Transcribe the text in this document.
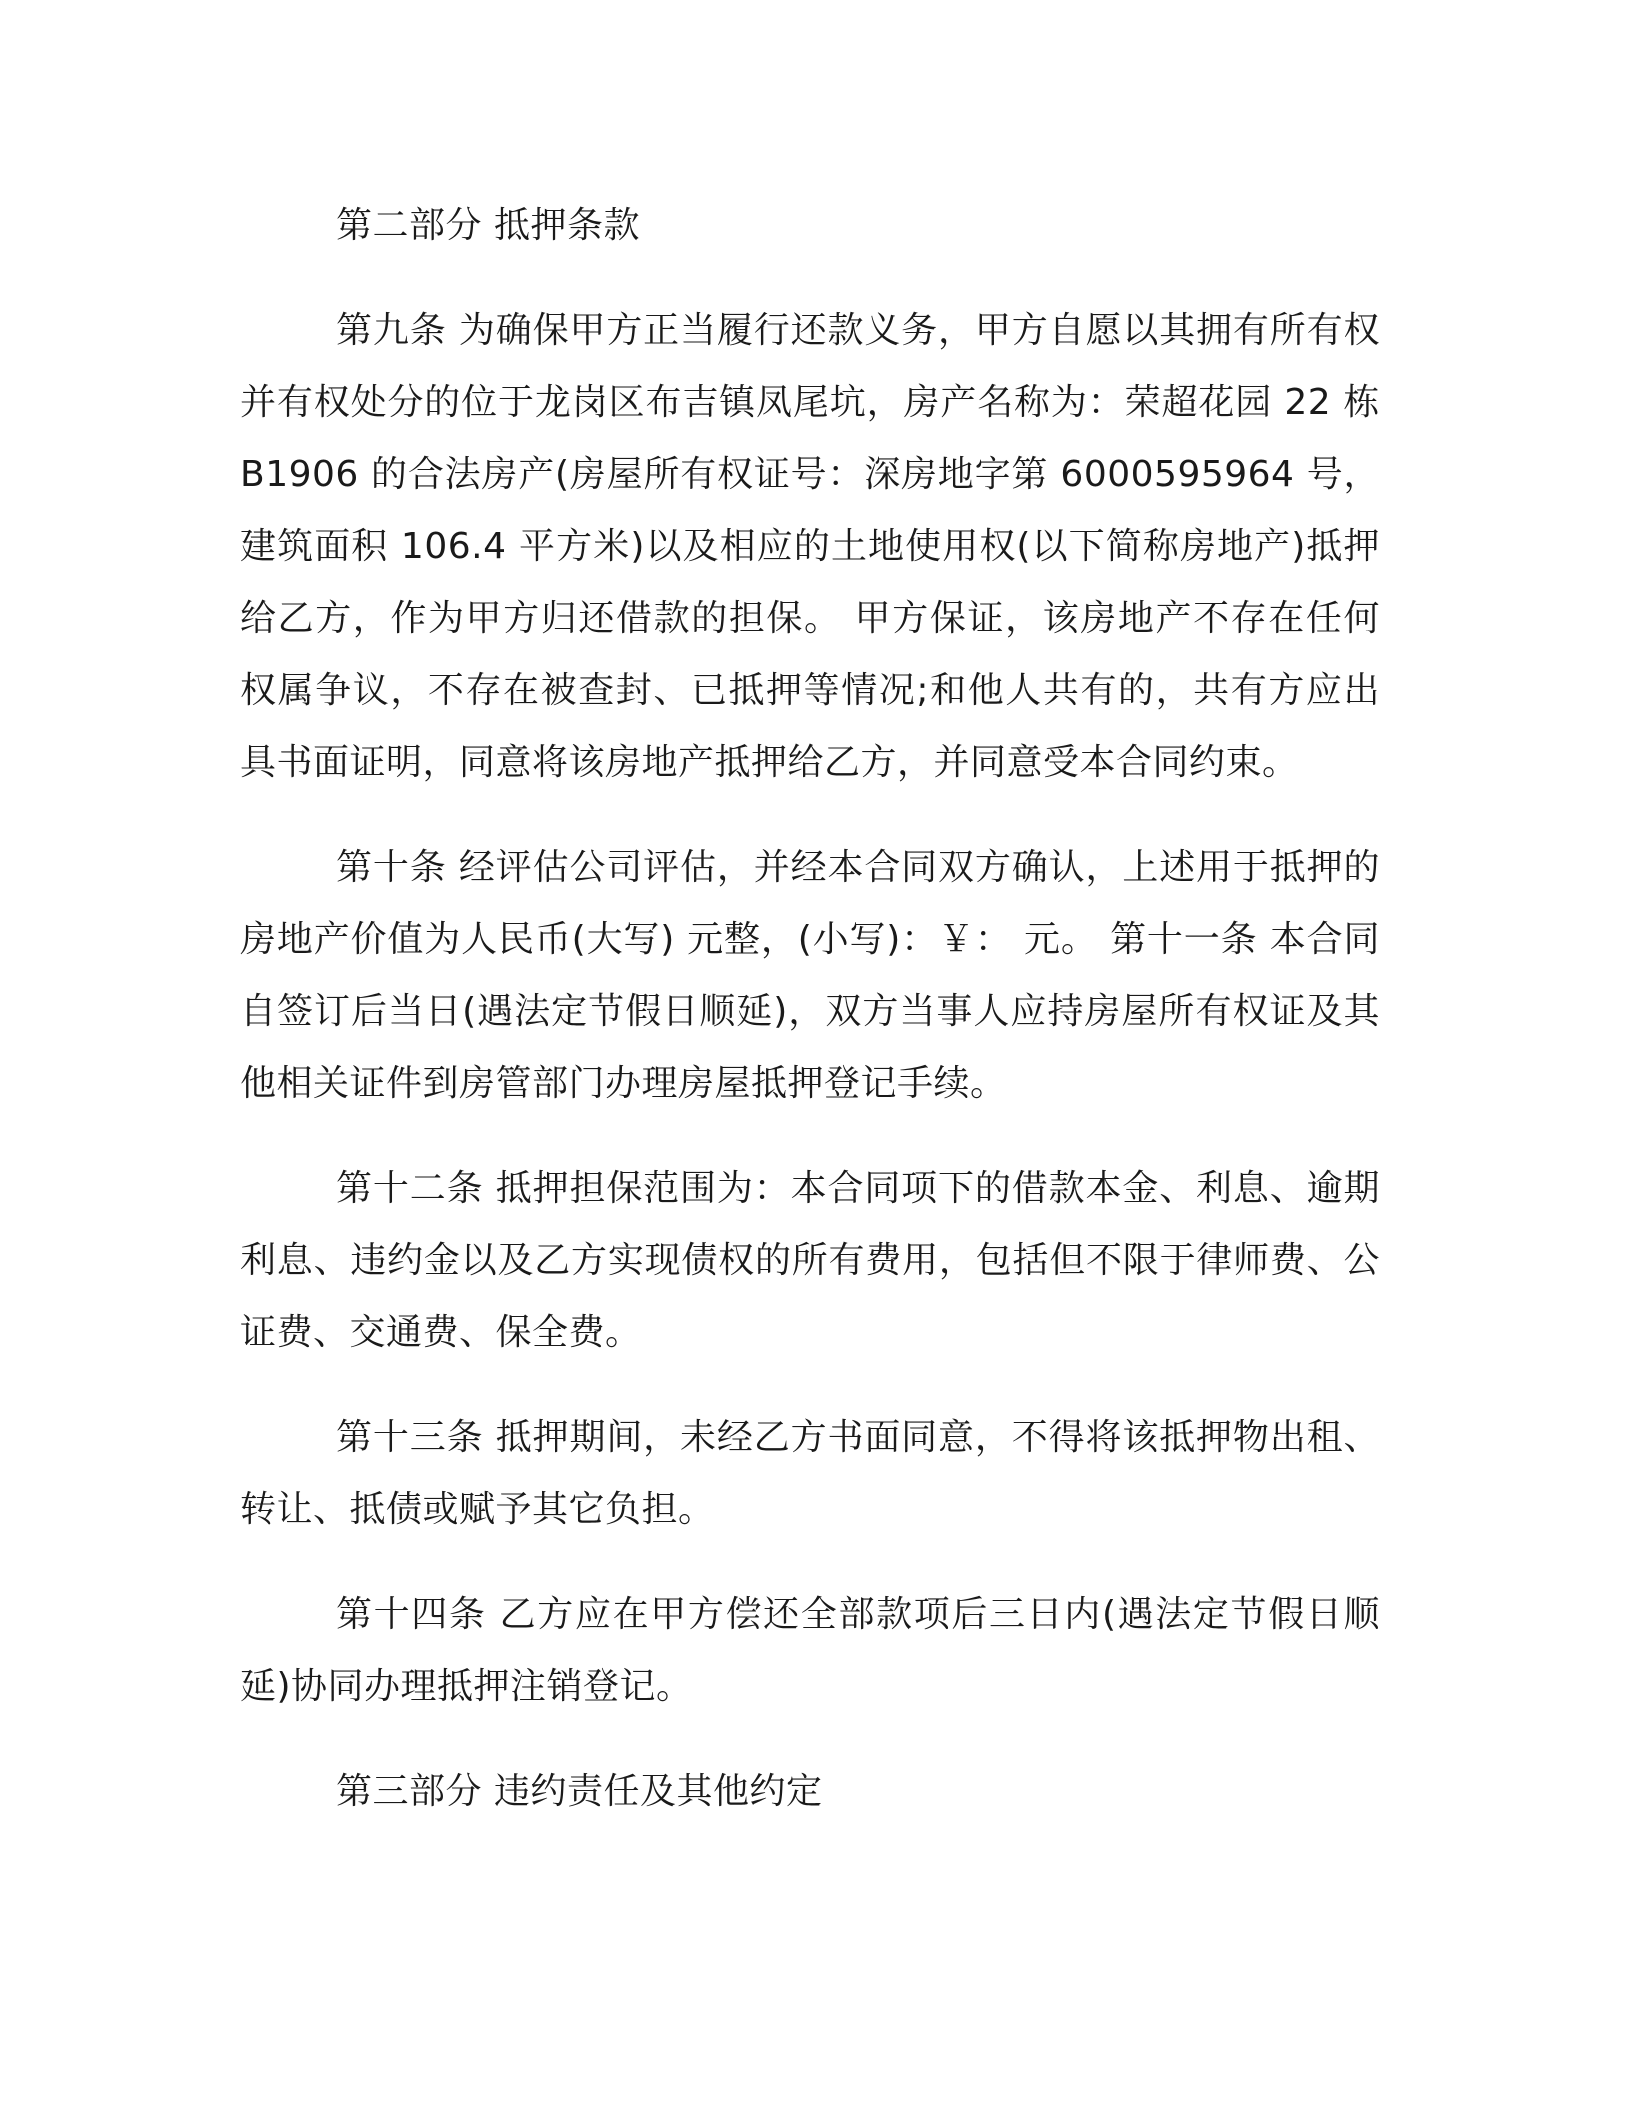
第二部分 抵押条款

第九条 为确保甲方正当履行还款义务，甲方自愿以其拥有所有权并有权处分的位于龙岗区布吉镇凤尾坑，房产名称为：荣超花园 22 栋 B1906 的合法房产(房屋所有权证号：深房地字第 6000595964 号，建筑面积 106.4 平方米)以及相应的土地使用权(以下简称房地产)抵押给乙方，作为甲方归还借款的担保。 甲方保证，该房地产不存在任何权属争议，不存在被查封、已抵押等情况;和他人共有的，共有方应出具书面证明，同意将该房地产抵押给乙方，并同意受本合同约束。

第十条 经评估公司评估，并经本合同双方确认，上述用于抵押的房地产价值为人民币(大写) 元整，(小写)：￥： 元。 第十一条 本合同自签订后当日(遇法定节假日顺延)，双方当事人应持房屋所有权证及其他相关证件到房管部门办理房屋抵押登记手续。

第十二条 抵押担保范围为：本合同项下的借款本金、利息、逾期利息、违约金以及乙方实现债权的所有费用，包括但不限于律师费、公证费、交通费、保全费。

第十三条 抵押期间，未经乙方书面同意，不得将该抵押物出租、转让、抵债或赋予其它负担。

第十四条 乙方应在甲方偿还全部款项后三日内(遇法定节假日顺延)协同办理抵押注销登记。

第三部分 违约责任及其他约定
